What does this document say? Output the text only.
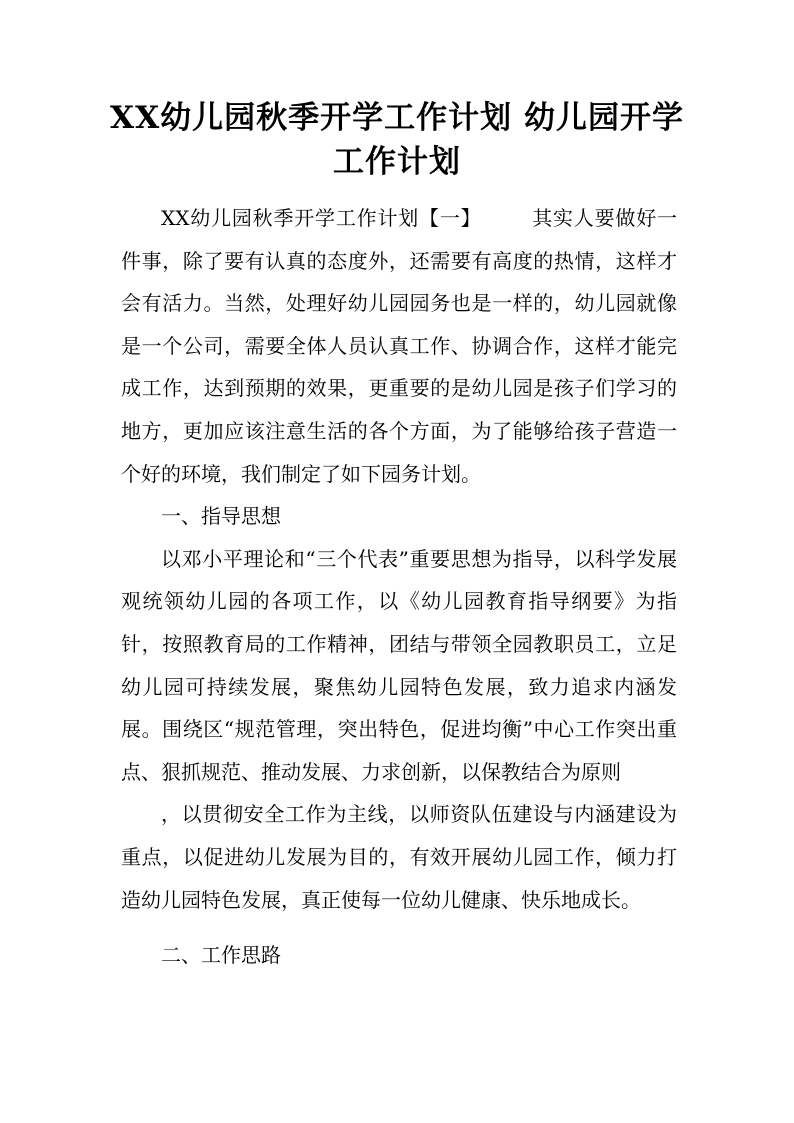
XX幼儿园秋季开学工作计划 幼儿园开学工作计划

XX幼儿园秋季开学工作计划【一】	其实人要做好一件事，除了要有认真的态度外，还需要有高度的热情，这样才会有活力。当然，处理好幼儿园园务也是一样的，幼儿园就像是一个公司，需要全体人员认真工作、协调合作，这样才能完成工作，达到预期的效果，更重要的是幼儿园是孩子们学习的地方，更加应该注意生活的各个方面，为了能够给孩子营造一个好的环境，我们制定了如下园务计划。

一、指导思想

以邓小平理论和“三个代表”重要思想为指导，以科学发展观统领幼儿园的各项工作，以《幼儿园教育指导纲要》为指针，按照教育局的工作精神，团结与带领全园教职员工，立足幼儿园可持续发展，聚焦幼儿园特色发展，致力追求内涵发展。围绕区“规范管理，突出特色，促进均衡”中心工作突出重点、狠抓规范、推动发展、力求创新，以保教结合为原则

，以贯彻安全工作为主线，以师资队伍建设与内涵建设为重点，以促进幼儿发展为目的，有效开展幼儿园工作，倾力打造幼儿园特色发展，真正使每一位幼儿健康、快乐地成长。

二、工作思路
